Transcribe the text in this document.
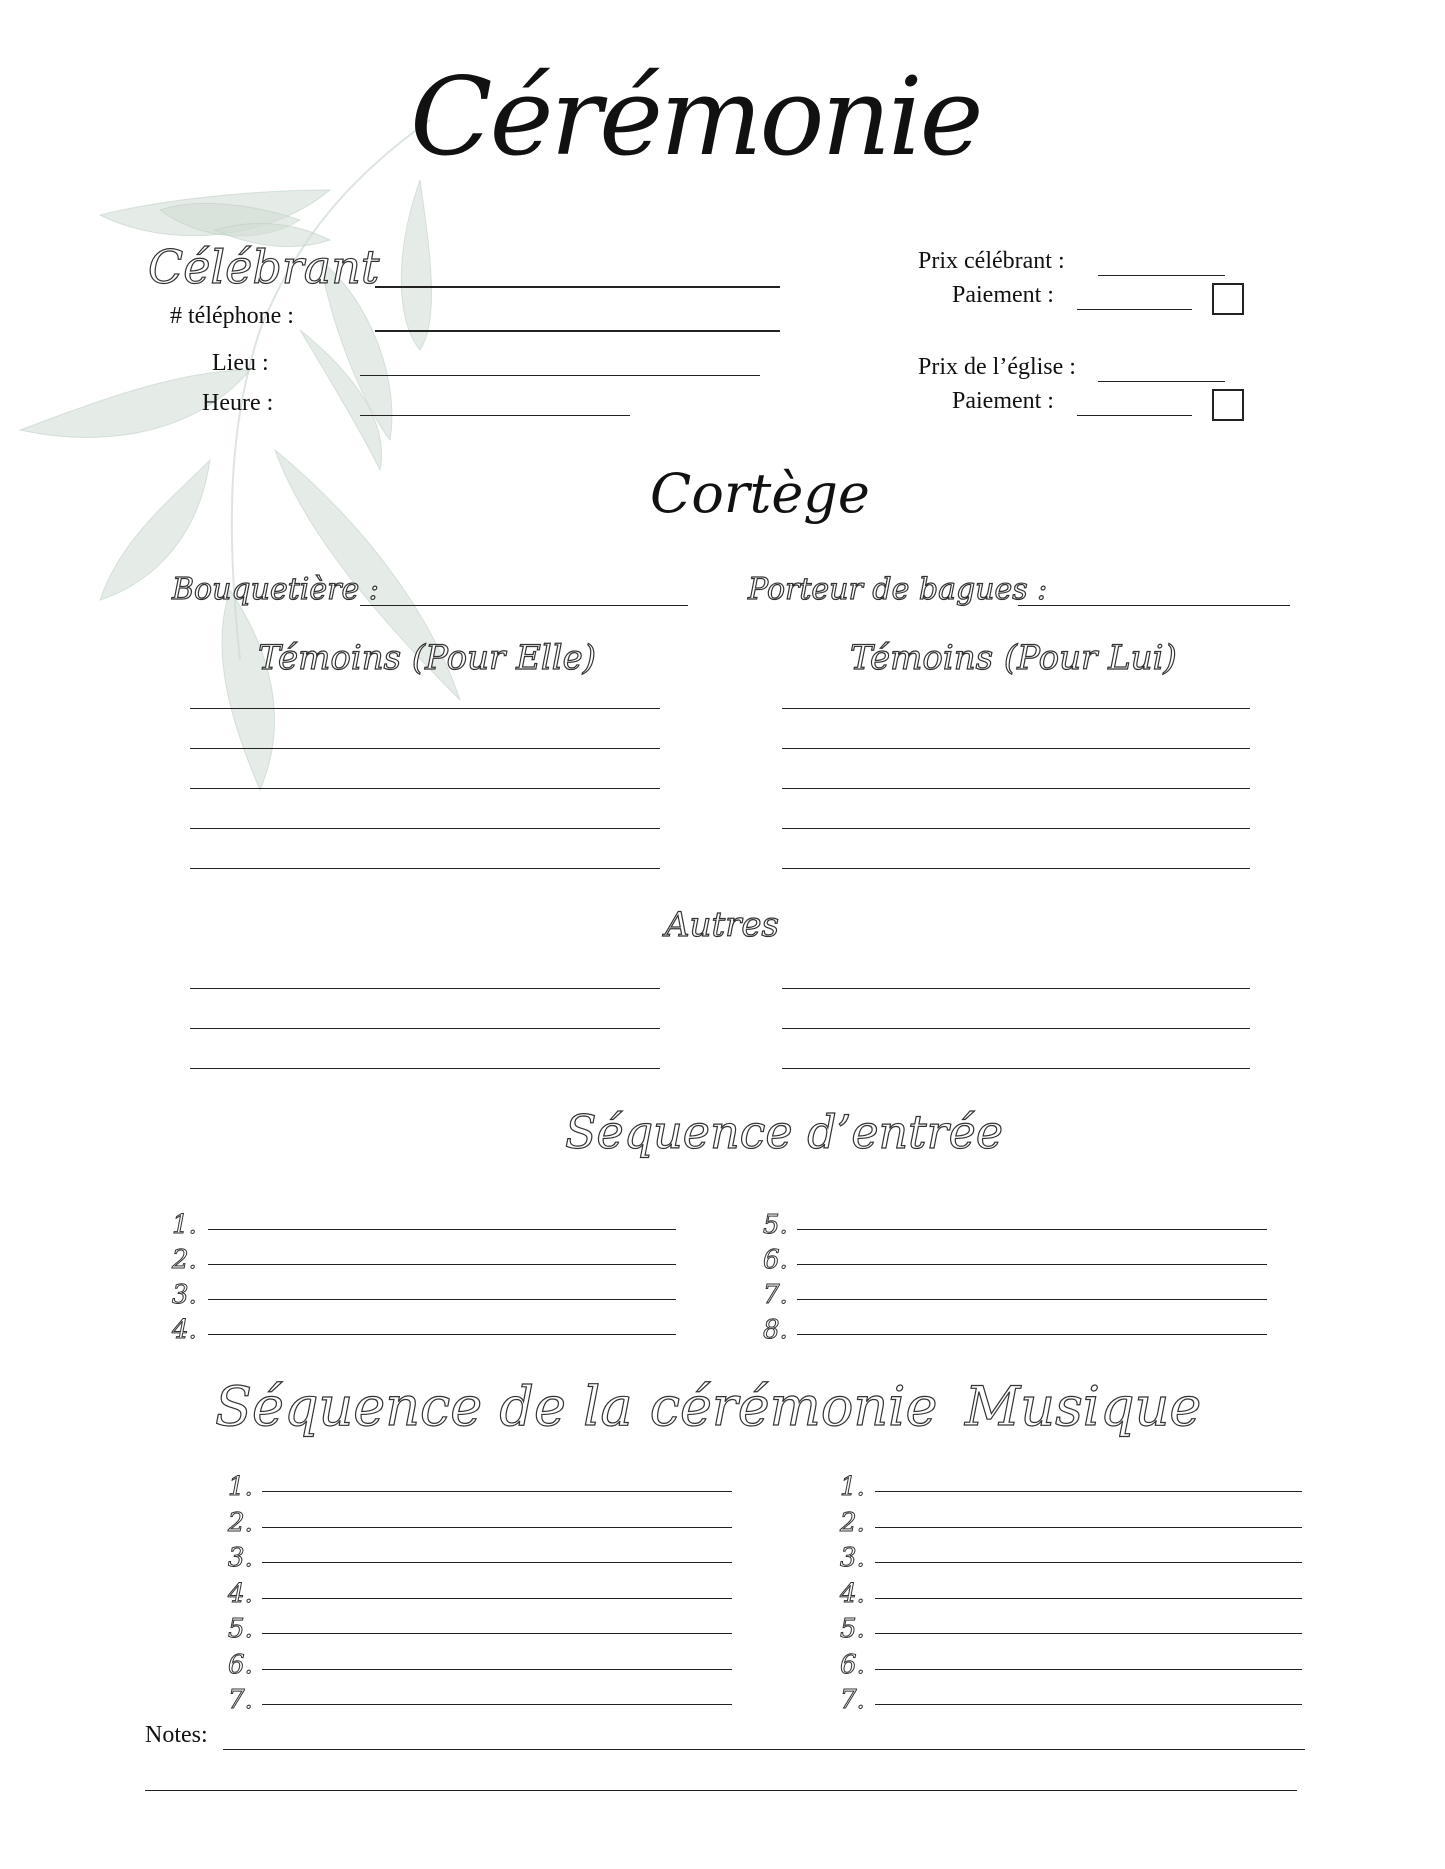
Cérémonie
Célébrant
# téléphone :
Lieu :
Heure :
Prix célébrant :
Paiement :
Prix de l’église :
Paiement :
Cortège
Bouquetière :	Porteur de bagues :
Témoins (Pour Elle)	Témoins (Pour Lui)
Autres
Séquence d’entrée
1.
2.
3.
4.
5.
6.
7.
8.
Séquence de la cérémonie Musique
1.
2.
3.
4.
5.
6.
7.
1.
2.
3.
4.
5.
6.
7.
Notes:
